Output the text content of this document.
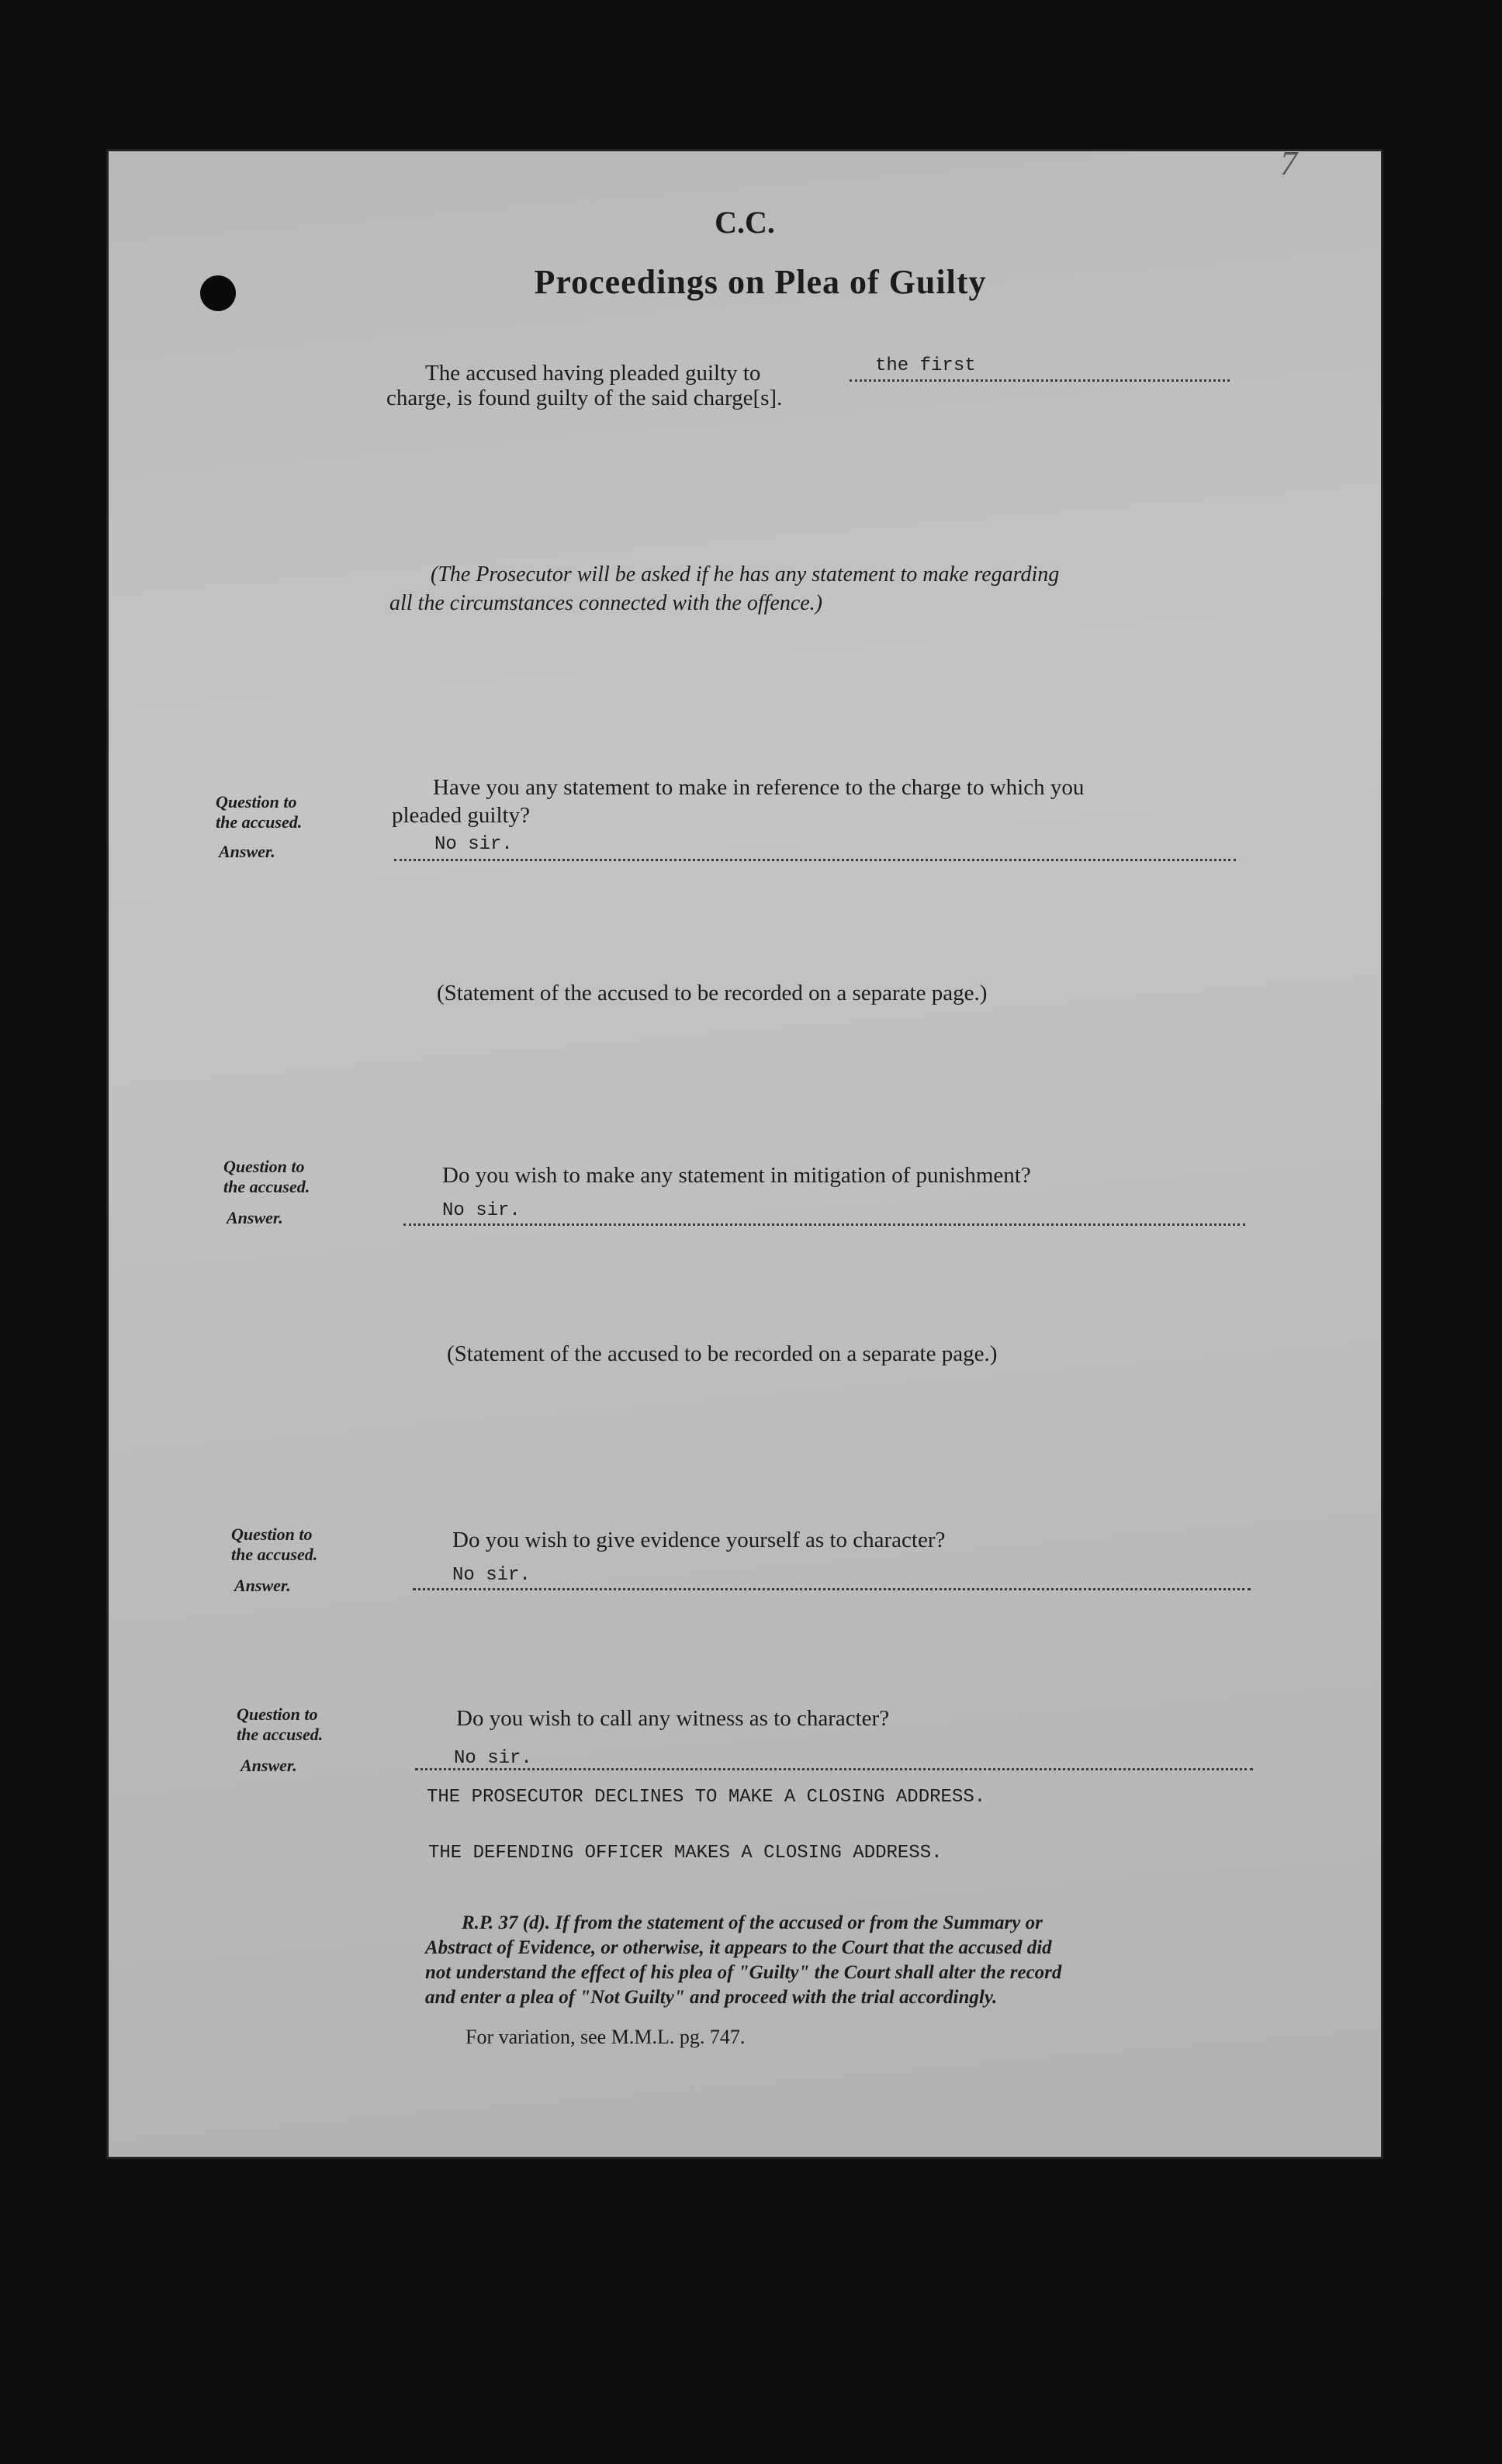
7
C.C.
Proceedings on Plea of Guilty
The accused having pleaded guilty to	the first
charge, is found guilty of the said charge[s].
(The Prosecutor will be asked if he has any statement to make regarding
all the circumstances connected with the offence.)
Question to
the accused.
Answer.
Have you any statement to make in reference to the charge to which you
pleaded guilty?
No sir.
(Statement of the accused to be recorded on a separate page.)
Question to
the accused.
Answer.
Do you wish to make any statement in mitigation of punishment?
No sir.
(Statement of the accused to be recorded on a separate page.)
Question to
the accused.
Answer.
Do you wish to give evidence yourself as to character?
No sir.
Question to
the accused.
Answer.
Do you wish to call any witness as to character?
No sir.
THE PROSECUTOR DECLINES TO MAKE A CLOSING ADDRESS.
THE DEFENDING OFFICER MAKES A CLOSING ADDRESS.
R.P. 37 (d). If from the statement of the accused or from the Summary or
Abstract of Evidence, or otherwise, it appears to the Court that the accused did
not understand the effect of his plea of "Guilty" the Court shall alter the record
and enter a plea of "Not Guilty" and proceed with the trial accordingly.
For variation, see M.M.L. pg. 747.
